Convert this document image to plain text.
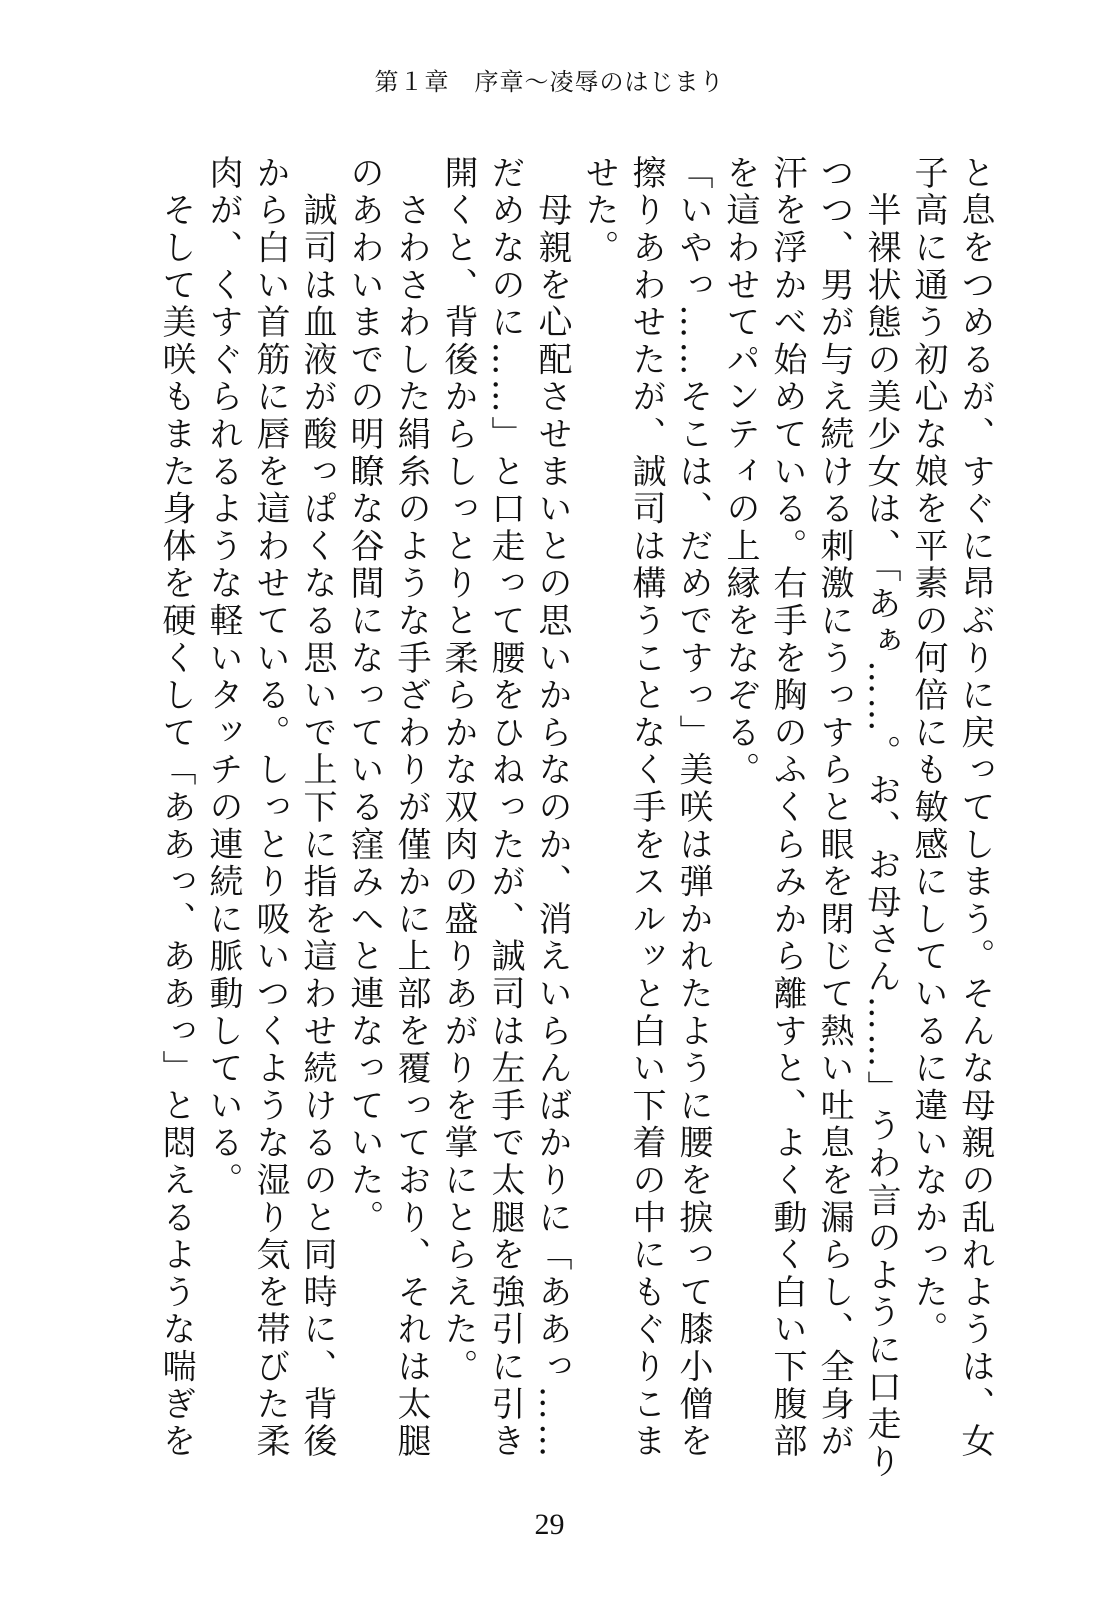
第１章　序章〜凌辱のはじまり
と息をつめるが、すぐに昂ぶりに戻ってしまう。そんな母親の乱れようは、女
子高に通う初心な娘を平素の何倍にも敏感にしているに違いなかった。
　半裸状態の美少女は、「あぁ……。お、お母さん……」うわ言のように口走り
つつ、男が与え続ける刺激にうっすらと眼を閉じて熱い吐息を漏らし、全身が
汗を浮かべ始めている。右手を胸のふくらみから離すと、よく動く白い下腹部
を這わせてパンティの上縁をなぞる。
「いやっ……そこは、だめですっ」美咲は弾かれたように腰を捩って膝小僧を
擦りあわせたが、誠司は構うことなく手をスルッと白い下着の中にもぐりこま
せた。
　母親を心配させまいとの思いからなのか、消えいらんばかりに「ああっ……
だめなのに……」と口走って腰をひねったが、誠司は左手で太腿を強引に引き
開くと、背後からしっとりと柔らかな双肉の盛りあがりを掌にとらえた。
　さわさわした絹糸のような手ざわりが僅かに上部を覆っており、それは太腿
のあわいまでの明瞭な谷間になっている窪みへと連なっていた。
　誠司は血液が酸っぱくなる思いで上下に指を這わせ続けるのと同時に、背後
から白い首筋に唇を這わせている。しっとり吸いつくような湿り気を帯びた柔
肉が、くすぐられるような軽いタッチの連続に脈動している。
　そして美咲もまた身体を硬くして「ああっ、ああっ」と悶えるような喘ぎを
29
